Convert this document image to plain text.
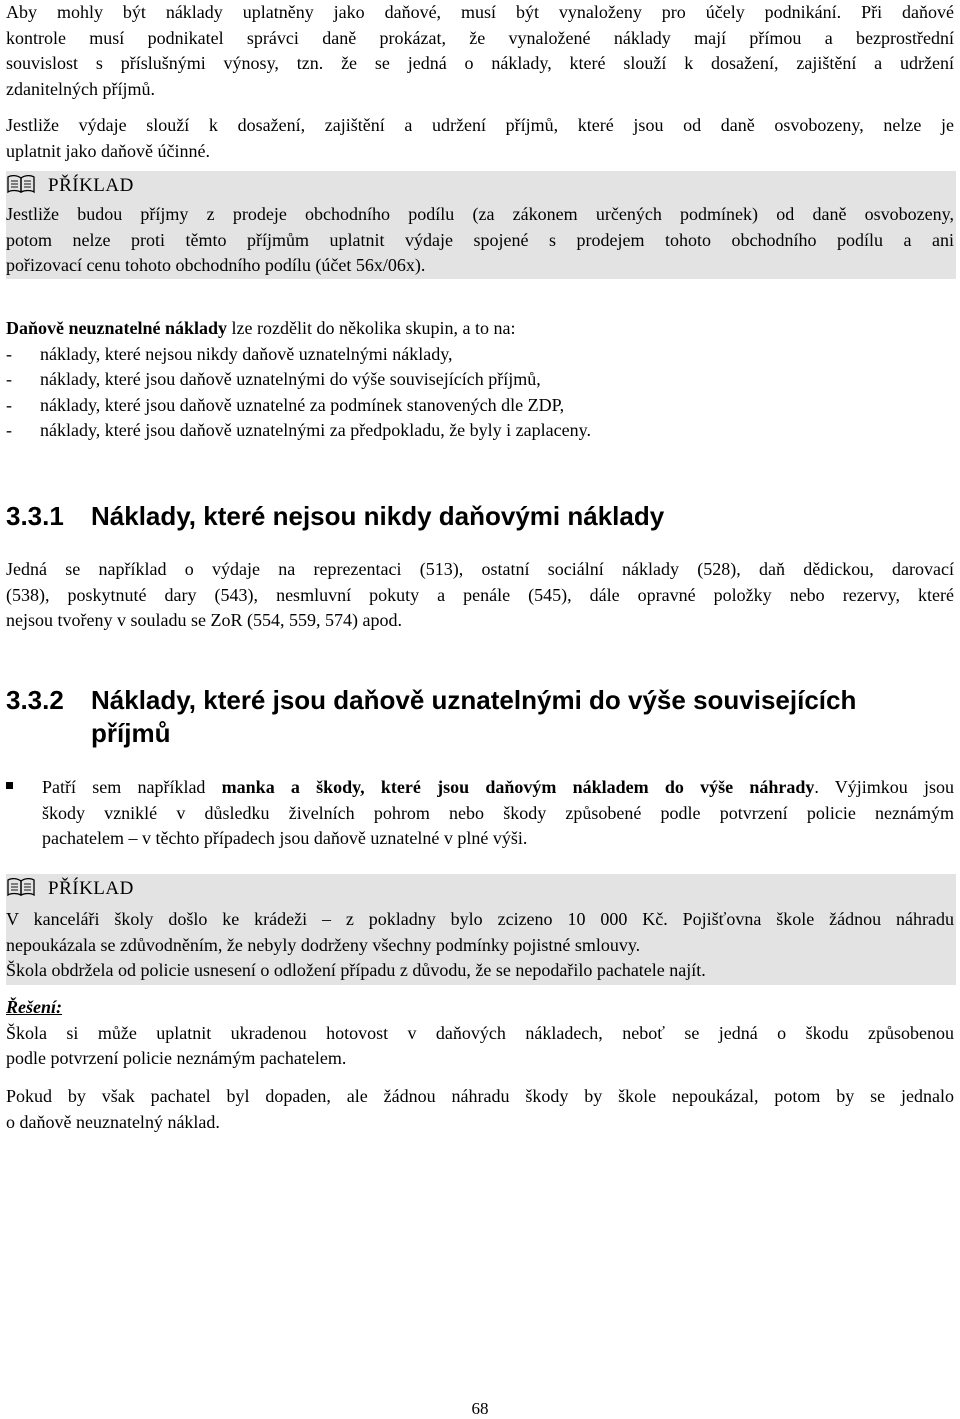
Aby mohly být náklady uplatněny jako daňové, musí být vynaloženy pro účely podnikání. Při daňové
kontrole musí podnikatel správci daně prokázat, že vynaložené náklady mají přímou a bezprostřední
souvislost s příslušnými výnosy, tzn. že se jedná o náklady, které slouží k dosažení, zajištění a udržení
zdanitelných příjmů.
Jestliže výdaje slouží k dosažení, zajištění a udržení příjmů, které jsou od daně osvobozeny, nelze je
uplatnit jako daňově účinné.
PŘÍKLAD
Jestliže budou příjmy z prodeje obchodního podílu (za zákonem určených podmínek) od daně osvobozeny,
potom nelze proti těmto příjmům uplatnit výdaje spojené s prodejem tohoto obchodního podílu a ani
pořizovací cenu tohoto obchodního podílu (účet 56x/06x).
Daňově neuznatelné náklady lze rozdělit do několika skupin, a to na:
- náklady, které nejsou nikdy daňově uznatelnými náklady,
- náklady, které jsou daňově uznatelnými do výše souvisejících příjmů,
- náklady, které jsou daňově uznatelné za podmínek stanovených dle ZDP,
- náklady, které jsou daňově uznatelnými za předpokladu, že byly i zaplaceny.
3.3.1	Náklady, které nejsou nikdy daňovými náklady
Jedná se například o výdaje na reprezentaci (513), ostatní sociální náklady (528), daň dědickou, darovací
(538), poskytnuté dary (543), nesmluvní pokuty a penále (545), dále opravné položky nebo rezervy, které
nejsou tvořeny v souladu se ZoR (554, 559, 574) apod.
3.3.2	Náklady, které jsou daňově uznatelnými do výše souvisejících
příjmů
Patří sem například manka a škody, které jsou daňovým nákladem do výše náhrady. Výjimkou jsou
škody vzniklé v důsledku živelních pohrom nebo škody způsobené podle potvrzení policie neznámým
pachatelem – v těchto případech jsou daňově uznatelné v plné výši.
PŘÍKLAD
V kanceláři školy došlo ke krádeži – z pokladny bylo zcizeno 10 000 Kč. Pojišťovna škole žádnou náhradu
nepoukázala se zdůvodněním, že nebyly dodrženy všechny podmínky pojistné smlouvy.
Škola obdržela od policie usnesení o odložení případu z důvodu, že se nepodařilo pachatele najít.
Řešení:
Škola si může uplatnit ukradenou hotovost v daňových nákladech, neboť se jedná o škodu způsobenou
podle potvrzení policie neznámým pachatelem.
Pokud by však pachatel byl dopaden, ale žádnou náhradu škody by škole nepoukázal, potom by se jednalo
o daňově neuznatelný náklad.
68
